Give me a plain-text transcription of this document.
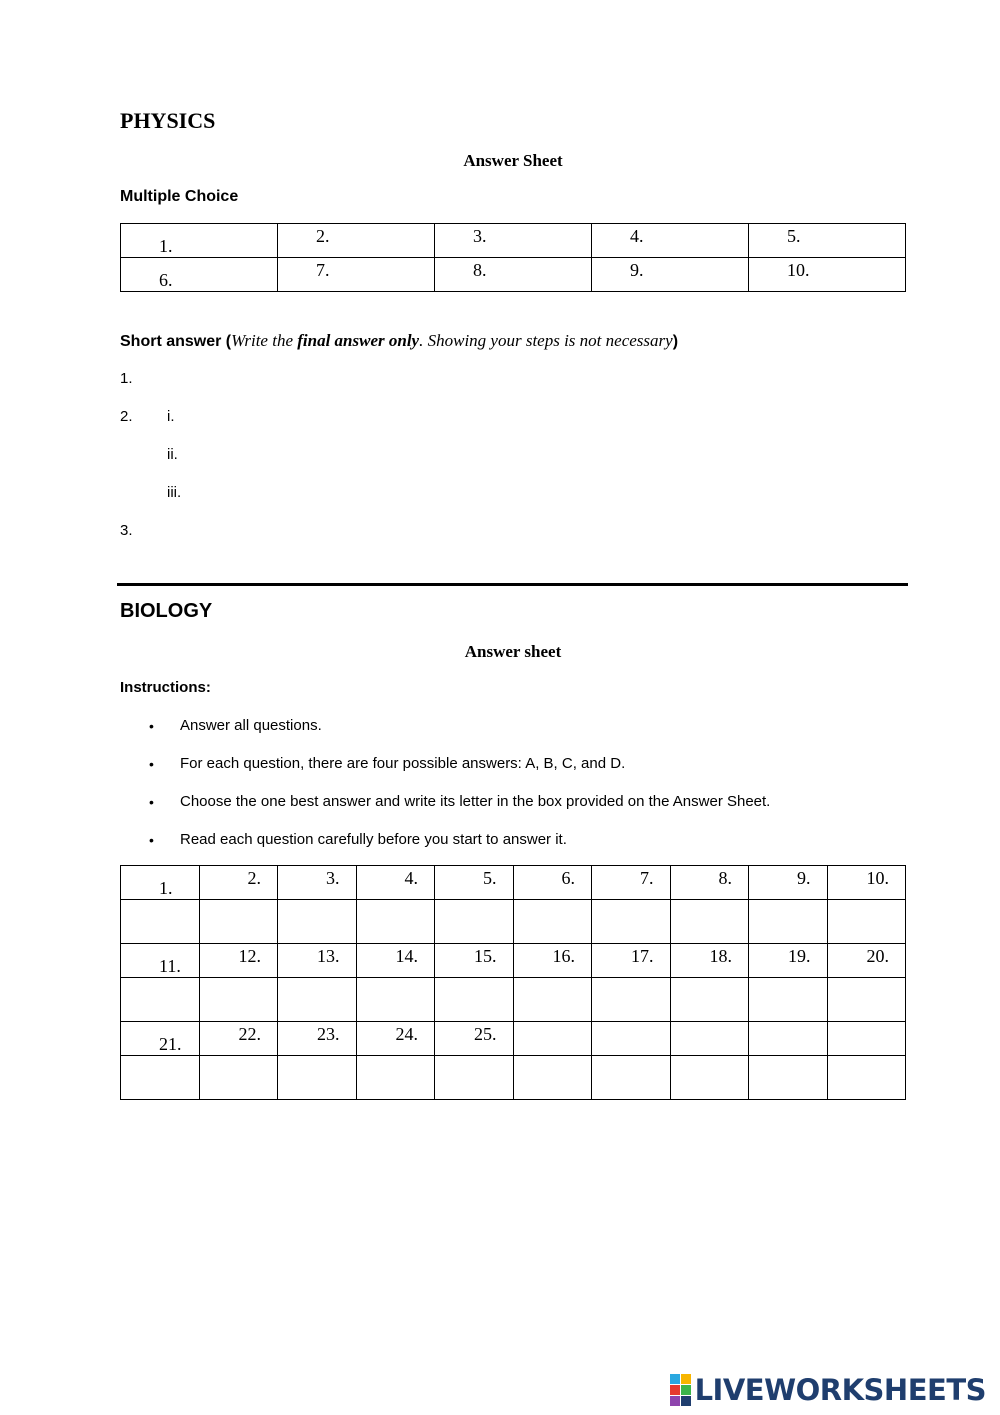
PHYSICS
Answer Sheet
Multiple Choice
1.	2.	3.	4.	5.

6.	7.	8.	9.	10.
Short answer (Write the final answer only. Showing your steps is not necessary)
1.
2. i.
ii.
iii.
3.
BIOLOGY
Answer sheet
Instructions:
• Answer all questions.
• For each question, there are four possible answers: A, B, C, and D.
• Choose the one best answer and write its letter in the box provided on the Answer Sheet.
• Read each question carefully before you start to answer it.
1.	2.	3.	4.	5.	6.	7.	8.	9.	10.

11.	12.	13.	14.	15.	16.	17.	18.	19.	20.

21.	22.	23.	24.	25.					

LIVEWORKSHEETS
